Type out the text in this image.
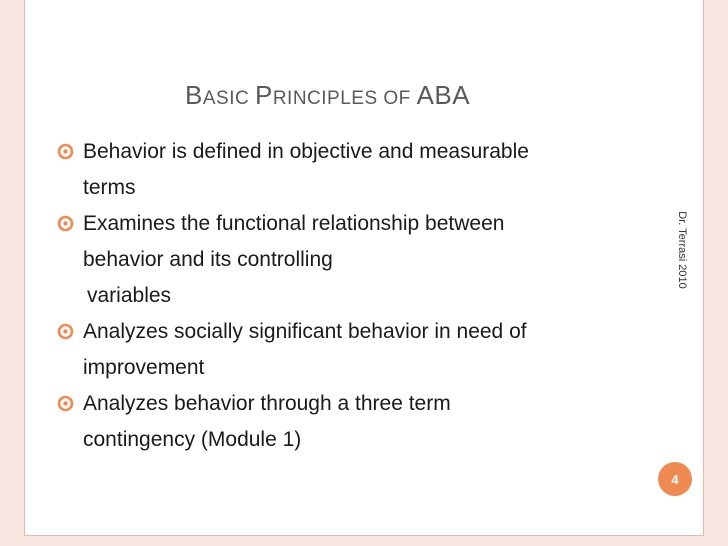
BASIC PRINCIPLES OF ABA
Behavior is defined in objective and measurable
terms
Examines the functional relationship between
behavior and its controlling
variables
Analyzes socially significant behavior in need of
improvement
Analyzes behavior through a three term
contingency (Module 1)
Dr. Terrasi 2010
4
